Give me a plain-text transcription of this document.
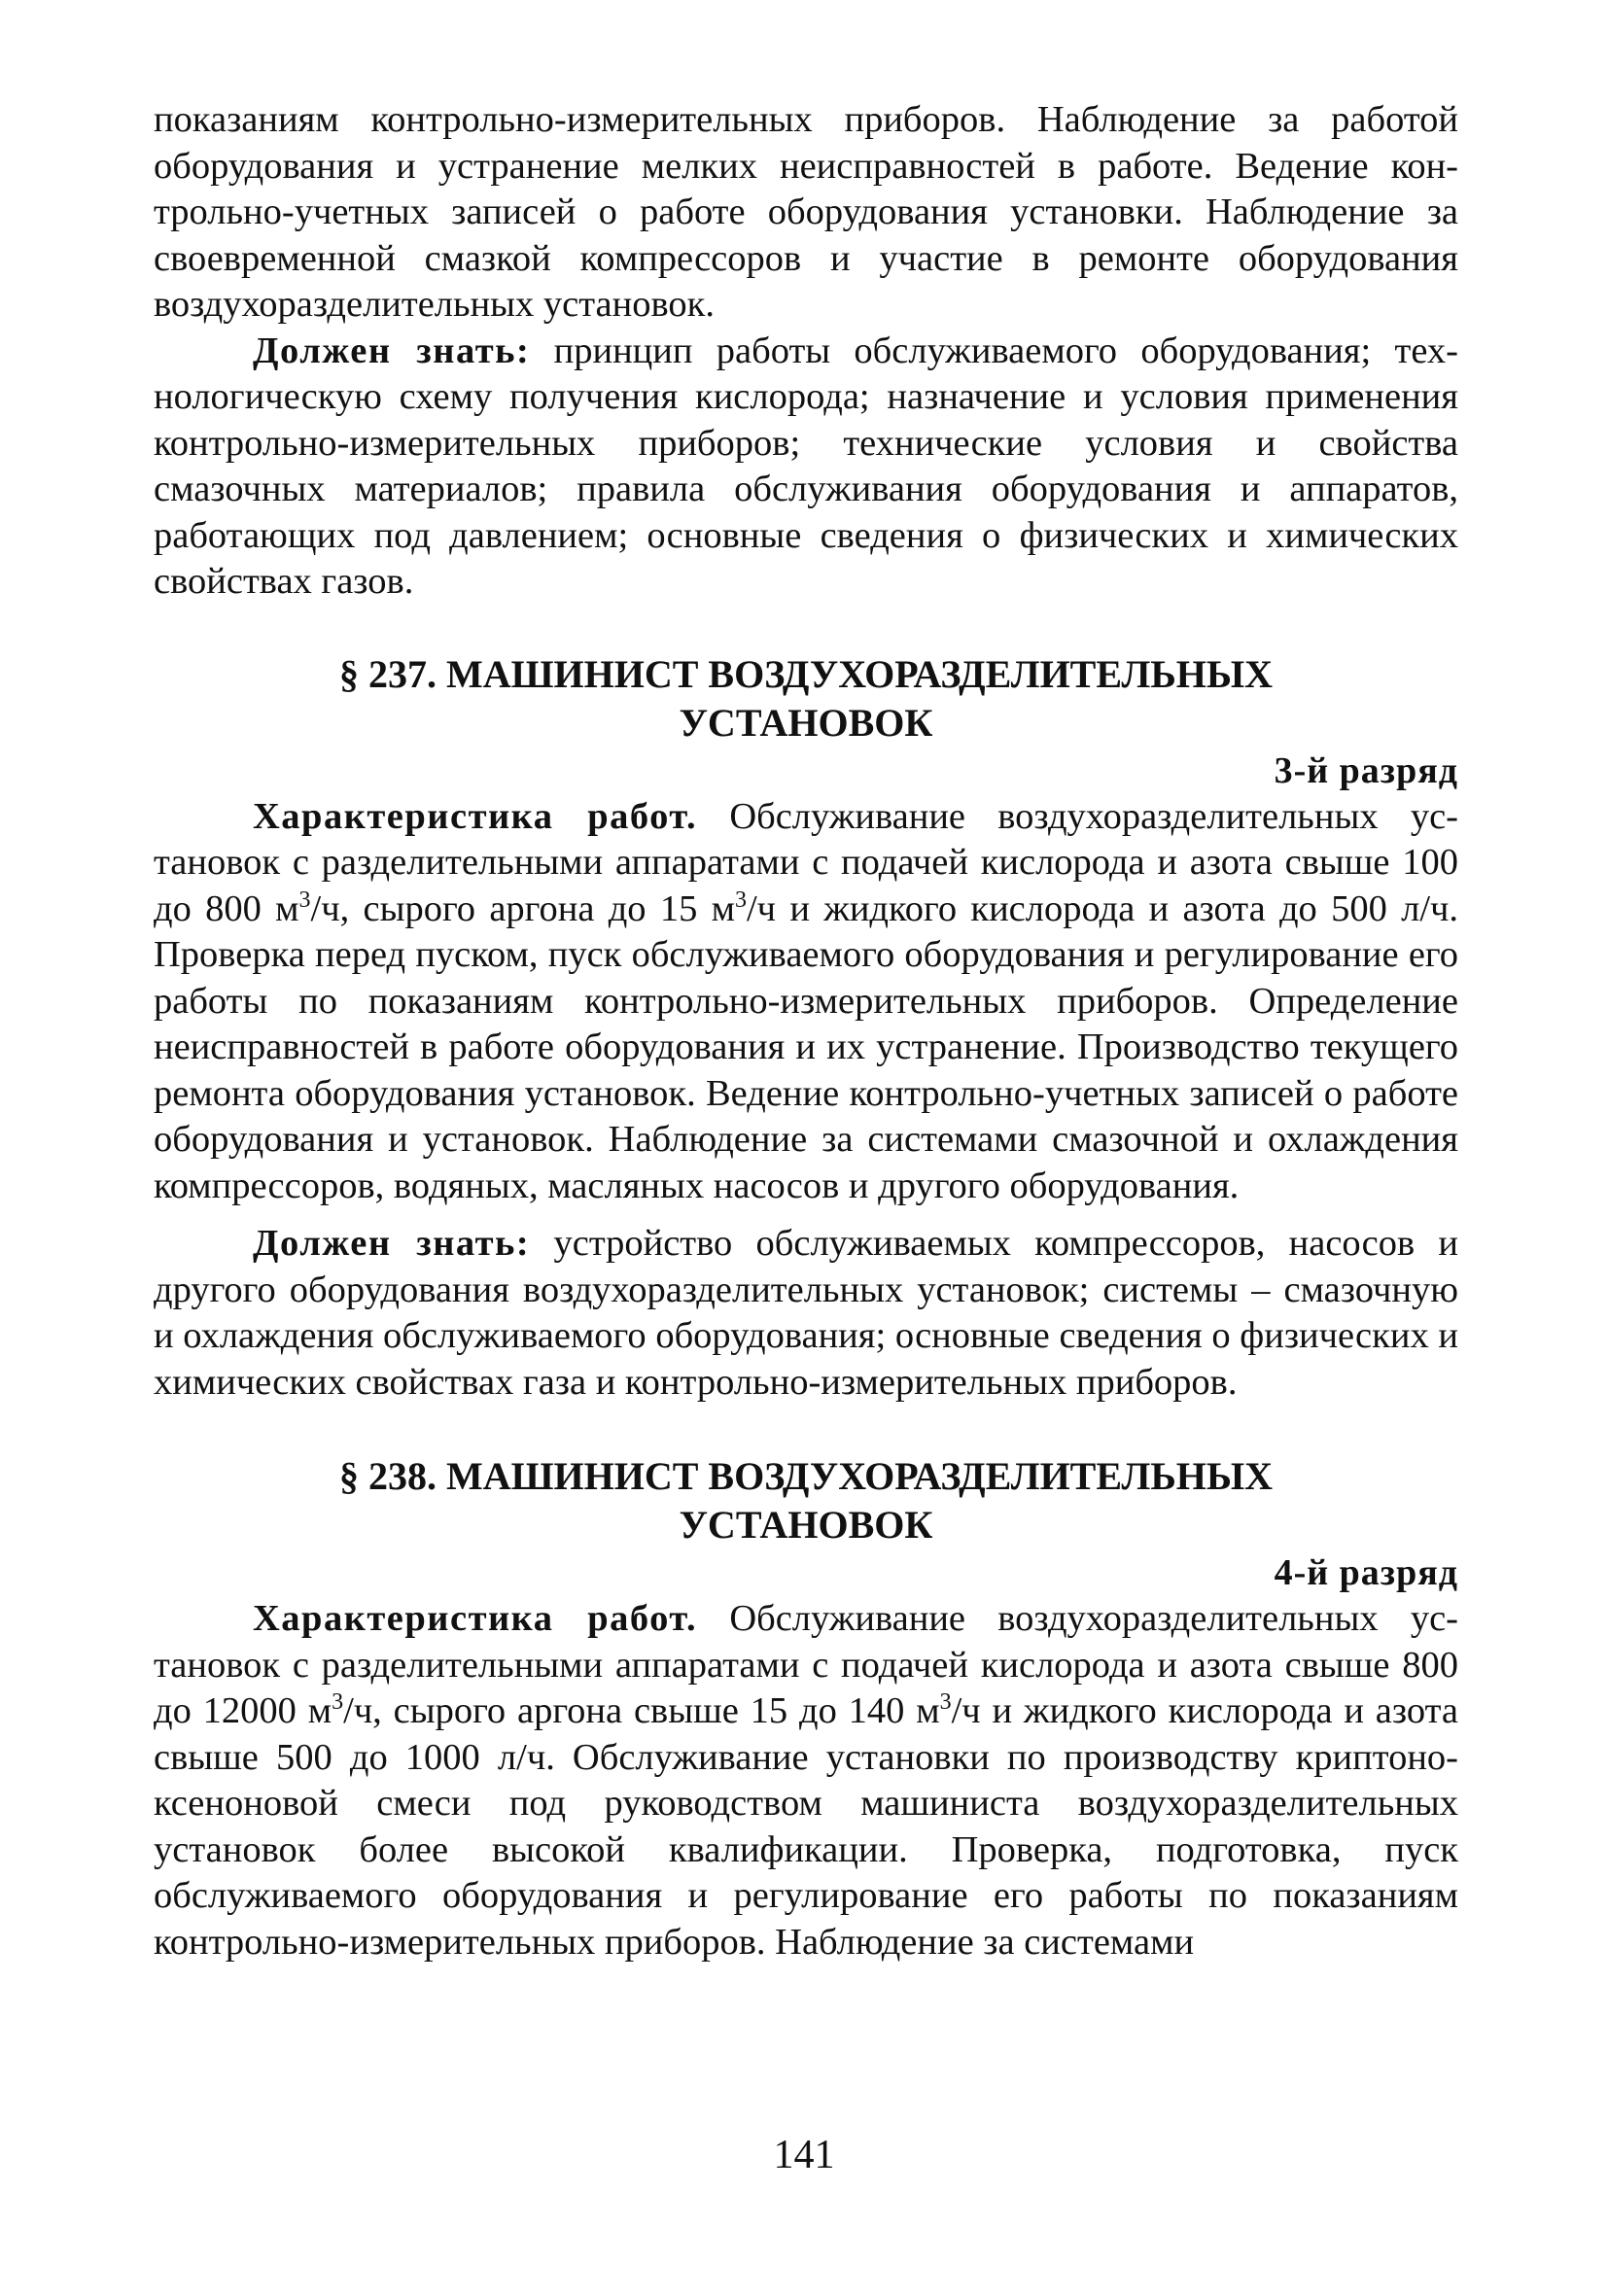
показаниям контрольно-измерительных приборов. Наблюдение за работой оборудования и устранение мелких неисправностей в работе. Ведение контрольно-учетных записей о работе оборудования установки. Наблюдение за своевременной смазкой компрессоров и участие в ремонте оборудования воздухоразделительных установок.

Должен знать: принцип работы обслуживаемого оборудования; технологическую схему получения кислорода; назначение и условия применения контрольно-измерительных приборов; технические условия и свойства смазочных материалов; правила обслуживания оборудования и аппаратов, работающих под давлением; основные сведения о физических и химических свойствах газов.

§ 237. МАШИНИСТ ВОЗДУХОРАЗДЕЛИТЕЛЬНЫХ
УСТАНОВОК
3-й разряд

Характеристика работ. Обслуживание воздухоразделительных установок с разделительными аппаратами с подачей кислорода и азота свыше 100 до 800 $м^3/ч$, сырого аргона до 15 $м^3/ч$ и жидкого кислорода и азота до 500 л/ч. Проверка перед пуском, пуск обслуживаемого оборудования и регулирование его работы по показаниям контрольно-измерительных приборов. Определение неисправностей в работе оборудования и их устранение. Производство текущего ремонта оборудования установок. Ведение контрольно-учетных записей о работе оборудования и установок. Наблюдение за системами смазочной и охлаждения компрессоров, водяных, масляных насосов и другого оборудования.

Должен знать: устройство обслуживаемых компрессоров, насосов и другого оборудования воздухоразделительных установок; системы – смазочную и охлаждения обслуживаемого оборудования; основные сведения о физических и химических свойствах газа и контрольно-измерительных приборов.

§ 238. МАШИНИСТ ВОЗДУХОРАЗДЕЛИТЕЛЬНЫХ
УСТАНОВОК
4-й разряд

Характеристика работ. Обслуживание воздухоразделительных установок с разделительными аппаратами с подачей кислорода и азота свыше 800 до 12000 $м^3/ч$, сырого аргона свыше 15 до 140 $м^3/ч$ и жидкого кислорода и азота свыше 500 до 1000 л/ч. Обслуживание установки по производству криптоно-ксеноновой смеси под руководством машиниста воздухоразделительных установок более высокой квалификации. Проверка, подготовка, пуск обслуживаемого оборудования и регулирование его работы по показаниям контрольно-измерительных приборов. Наблюдение за системами

141
